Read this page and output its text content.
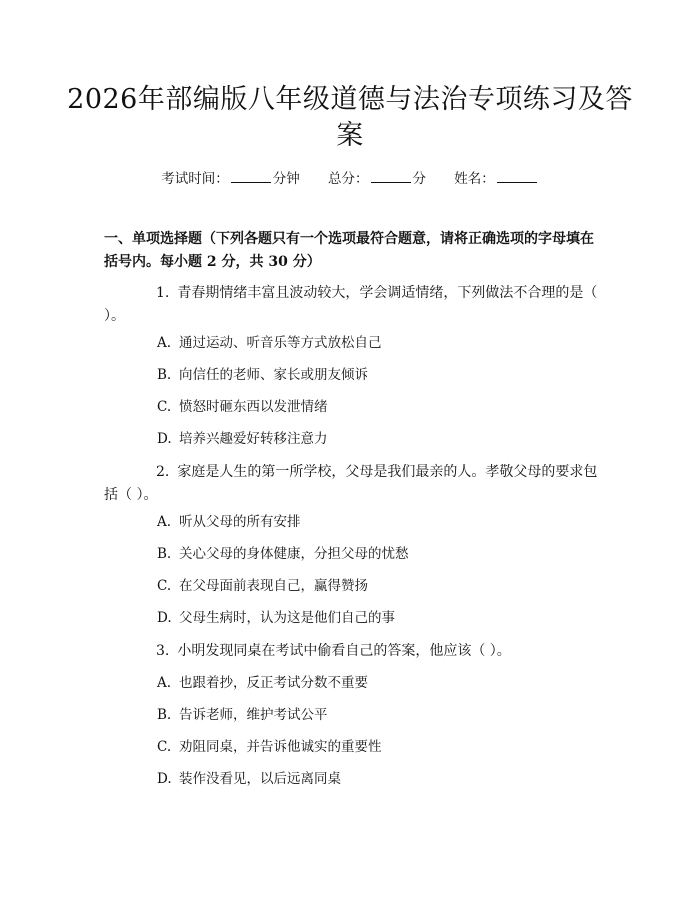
2026年部编版八年级道德与法治专项练习及答案
考试时间：	分钟 总分：	分 姓名：
一、单项选择题（下列各题只有一个选项最符合题意，请将正确选项的字母填在括号内。每小题 2 分，共 30 分）
1. 青春期情绪丰富且波动较大，学会调适情绪，下列做法不合理的是（ ）。
A. 通过运动、听音乐等方式放松自己
B. 向信任的老师、家长或朋友倾诉
C. 愤怒时砸东西以发泄情绪
D. 培养兴趣爱好转移注意力
2. 家庭是人生的第一所学校，父母是我们最亲的人。孝敬父母的要求包括（ ）。
A. 听从父母的所有安排
B. 关心父母的身体健康，分担父母的忧愁
C. 在父母面前表现自己，赢得赞扬
D. 父母生病时，认为这是他们自己的事
3. 小明发现同桌在考试中偷看自己的答案，他应该（ ）。
A. 也跟着抄，反正考试分数不重要
B. 告诉老师，维护考试公平
C. 劝阻同桌，并告诉他诚实的重要性
D. 装作没看见，以后远离同桌
